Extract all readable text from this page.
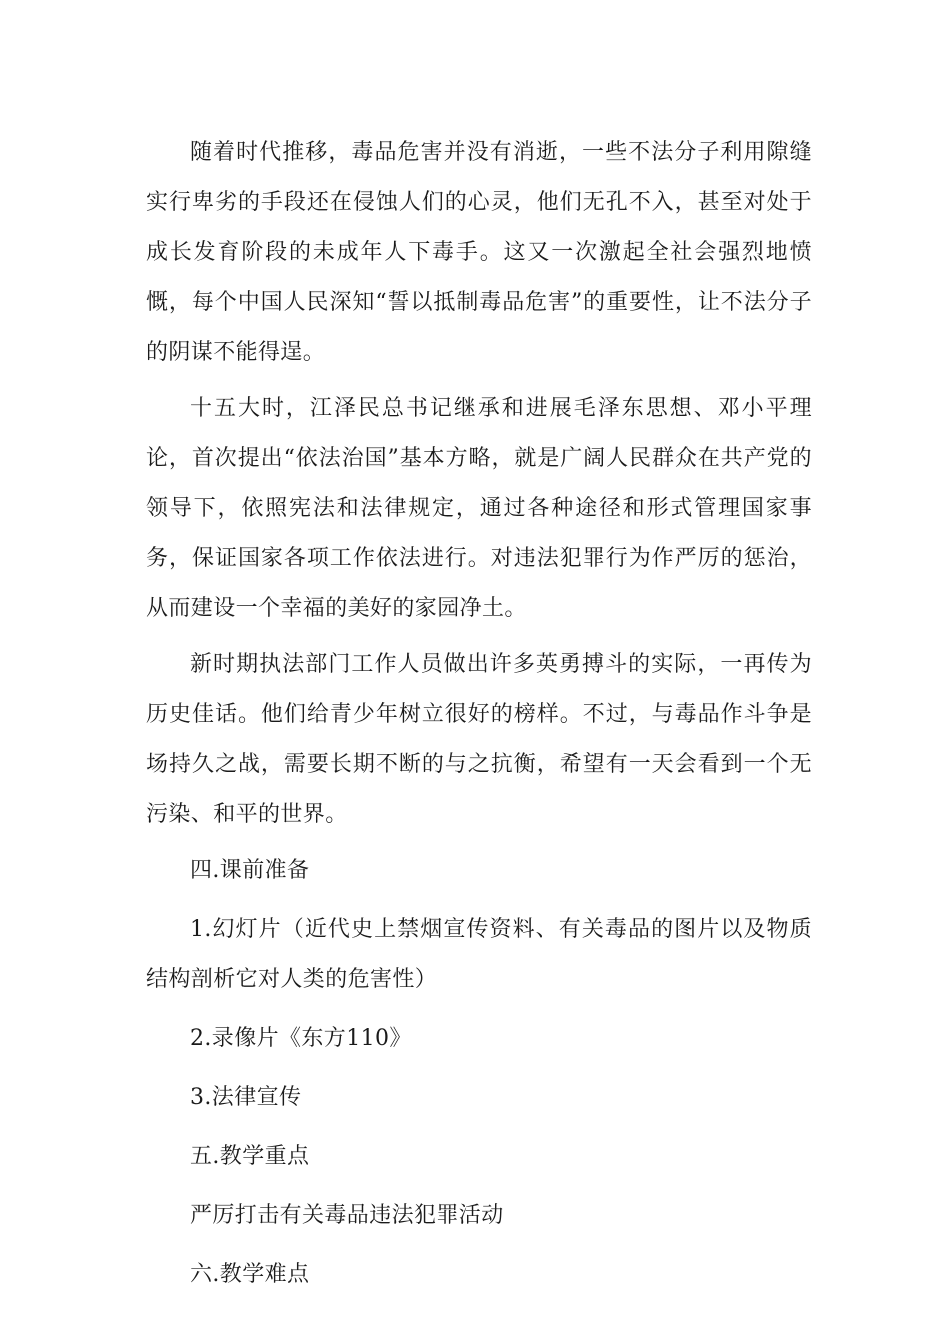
随着时代推移，毒品危害并没有消逝，一些不法分子利用隙缝实行卑劣的手段还在侵蚀人们的心灵，他们无孔不入，甚至对处于成长发育阶段的未成年人下毒手。这又一次激起全社会强烈地愤慨，每个中国人民深知“誓以抵制毒品危害”的重要性，让不法分子的阴谋不能得逞。

十五大时，江泽民总书记继承和进展毛泽东思想、邓小平理论，首次提出“依法治国”基本方略，就是广阔人民群众在共产党的领导下，依照宪法和法律规定，通过各种途径和形式管理国家事务，保证国家各项工作依法进行。对违法犯罪行为作严厉的惩治，从而建设一个幸福的美好的家园净土。

新时期执法部门工作人员做出许多英勇搏斗的实际，一再传为历史佳话。他们给青少年树立很好的榜样。不过，与毒品作斗争是场持久之战，需要长期不断的与之抗衡，希望有一天会看到一个无污染、和平的世界。

四.课前准备

1.幻灯片（近代史上禁烟宣传资料、有关毒品的图片以及物质结构剖析它对人类的危害性）

2.录像片《东方110》

3.法律宣传

五.教学重点

严厉打击有关毒品违法犯罪活动

六.教学难点
